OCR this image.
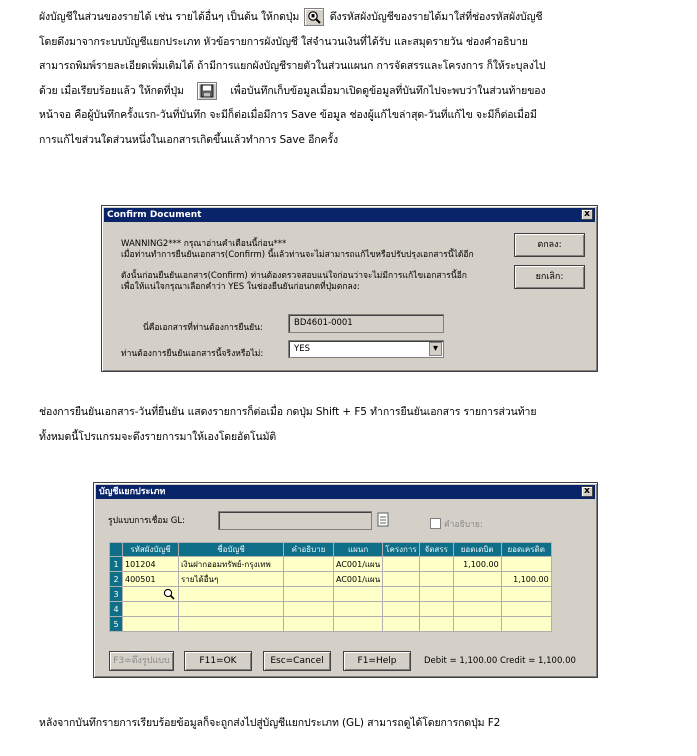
ผังบัญชีในส่วนของรายได้ เช่น รายได้อื่นๆ เป็นต้น ให้กดปุ่ม	ดึงรหัสผังบัญชีของรายได้มาใส่ที่ช่องรหัสผังบัญชี
โดยดึงมาจากระบบบัญชีแยกประเภท หัวข้อรายการผังบัญชี ใส่จำนวนเงินที่ได้รับ และสมุดรายวัน ช่องคำอธิบาย
สามารถพิมพ์รายละเอียดเพิ่มเติมได้ ถ้ามีการแยกผังบัญชีรายตัวในส่วนแผนก การจัดสรรและโครงการ ก็ให้ระบุลงไป
ด้วย เมื่อเรียบร้อยแล้ว ให้กดที่ปุ่ม	เพื่อบันทึกเก็บข้อมูลเมื่อมาเปิดดูข้อมูลที่บันทึกไปจะพบว่าในส่วนท้ายของ
หน้าจอ คือผู้บันทึกครั้งแรก-วันที่บันทึก จะมีก็ต่อเมื่อมีการ Save ข้อมูล ช่องผู้แก้ไขล่าสุด-วันที่แก้ไข จะมีก็ต่อเมื่อมี
การแก้ไขส่วนใดส่วนหนึ่งในเอกสารเกิดขึ้นแล้วทำการ Save อีกครั้ง
Confirm Document	x
WANNING2*** กรุณาอ่านคำเตือนนี้ก่อน***
เมื่อท่านทำการยืนยันเอกสาร(Confirm) นี้แล้วท่านจะไม่สามารถแก้ไขหรือปรับปรุงเอกสารนี้ได้อีก
ดังนั้นก่อนยืนยันเอกสาร(Confirm) ท่านต้องตรวจสอบแน่ใจก่อนว่าจะไม่มีการแก้ไขเอกสารนี้อีก
เพื่อให้แน่ใจกรุณาเลือกคำว่า YES ในช่องยืนยันก่อนกดที่ปุ่มตกลง:
ตกลง:
ยกเลิก:
นี่คือเอกสารที่ท่านต้องการยืนยัน:	BD4601-0001
ท่านต้องการยืนยันเอกสารนี้จริงหรือไม่:	YES	▾
ช่องการยืนยันเอกสาร-วันที่ยืนยัน แสดงรายการก็ต่อเมื่อ กดปุ่ม Shift + F5 ทำการยืนยันเอกสาร รายการส่วนท้าย
ทั้งหมดนี้โปรแกรมจะดึงรายการมาให้เองโดยอัตโนมัติ
บัญชีแยกประเภท	x
รูปแบบการเชื่อม GL:	คำอธิบาย:
	รหัสผังบัญชี	ชื่อบัญชี	คำอธิบาย	แผนก	โครงการ	จัดสรร	ยอดเดบิต	ยอดเครดิต
1	101204	เงินฝากออมทรัพย์-กรุงเทพ		AC001/แผน			1,100.00	
2	400501	รายได้อื่นๆ		AC001/แผน				1,100.00
3	

4								
5								
F3=ดึงรูปแบบ	F11=OK	Esc=Cancel	F1=Help	Debit = 1,100.00 Credit = 1,100.00
หลังจากบันทึกรายการเรียบร้อยข้อมูลก็จะถูกส่งไปสู่บัญชีแยกประเภท (GL) สามารถดูได้โดยการกดปุ่ม F2
